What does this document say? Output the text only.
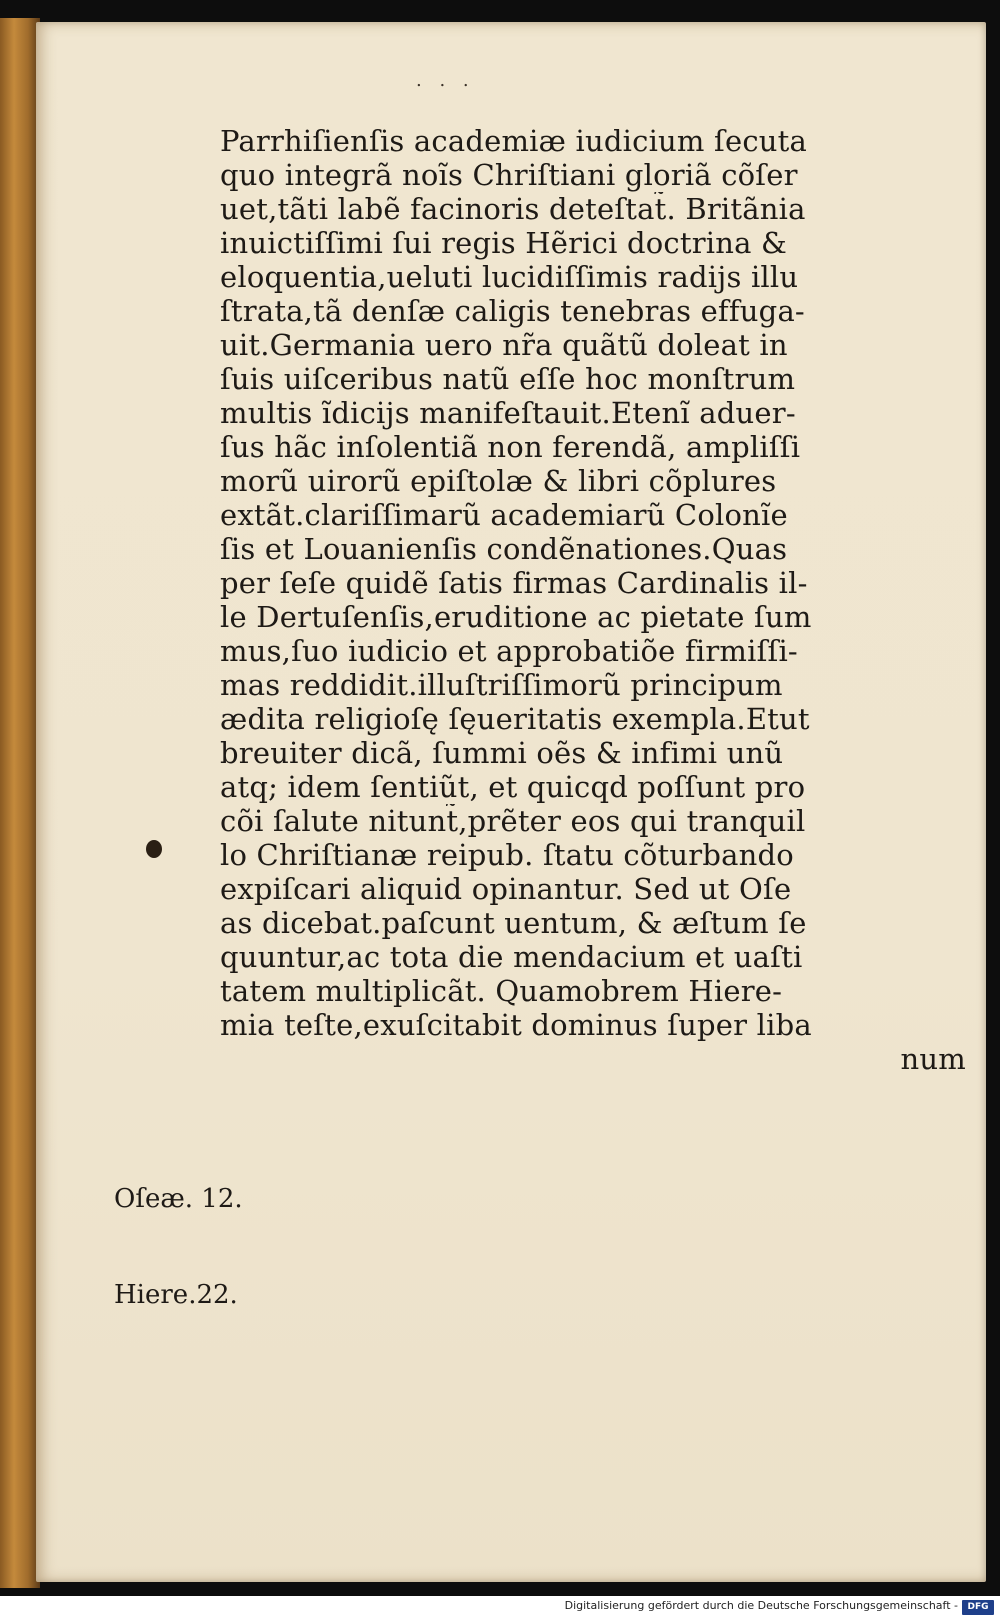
. . .
Parrhiſienſis academiæ iudicium ſecuta
quo integrã noĩs Chriſtiani gloriã cõſer
uet,tãti labẽ facinoris deteſtat̃. Britãnia
inuictiſſimi ſui regis Hẽrici doctrina &
eloquentia,ueluti lucidiſſimis radijs illu
ſtrata,tã denſæ caligis tenebras effuga-
uit.Germania uero nr̃a quãtũ doleat in
ſuis uiſceribus natũ eſſe hoc monſtrum
multis ĩdicijs manifeſtauit.Etenĩ aduer-
ſus hãc inſolentiã non ferendã, ampliſſi
morũ uirorũ epiſtolæ & libri cõplures
extãt.clariſſimarũ academiarũ Colonĩe
ſis et Louanienſis condẽnationes.Quas
per ſeſe quidẽ ſatis firmas Cardinalis il-
le Dertuſenſis,eruditione ac pietate ſum
mus,ſuo iudicio et approbatiõe firmiſſi-
mas reddidit.illuſtriſſimorũ principum
ædita religioſę ſęueritatis exempla.Etut
breuiter dicã, ſummi oẽs & infimi unũ
atq; idem ſentiũt, et quicqd poſſunt pro
cõi ſalute nitunt̃,prẽter eos qui tranquil
lo Chriſtianæ reipub. ſtatu cõturbando
expiſcari aliquid opinantur. Sed ut Oſe
as dicebat.paſcunt uentum, & æſtum ſe
quuntur,ac tota die mendacium et uaſti
tatem multiplicãt. Quamobrem Hiere-
mia teſte,exuſcitabit dominus ſuper liba
num
Oſeæ. 12.
Hiere.22.
Digitalisierung gefördert durch die Deutsche Forschungsgemeinschaft -	DFG
